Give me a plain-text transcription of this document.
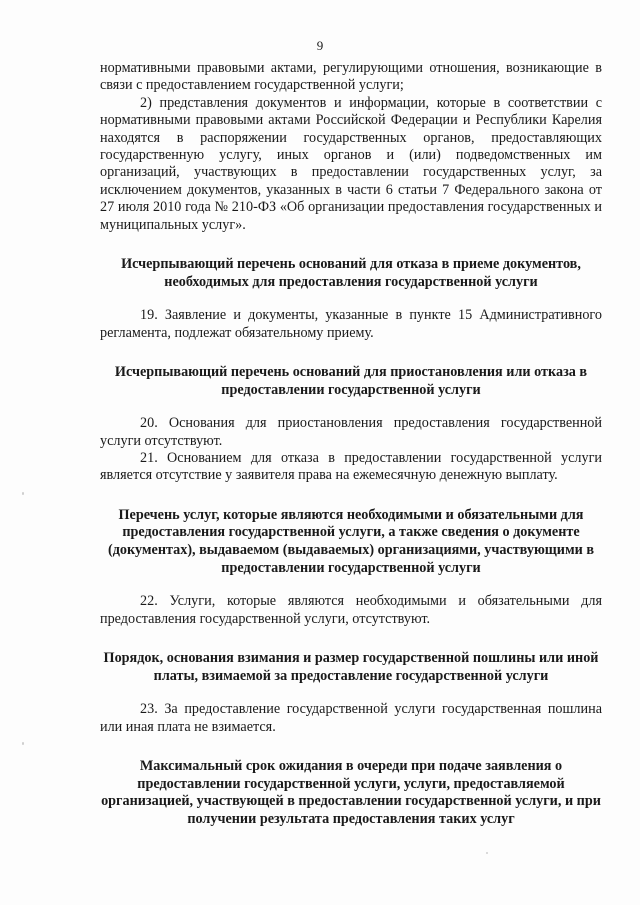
9

нормативными правовыми актами, регулирующими отношения, возникающие в связи с предоставлением государственной услуги;

2) представления документов и информации, которые в соответствии с нормативными правовыми актами Российской Федерации и Республики Карелия находятся в распоряжении государственных органов, предоставляющих государственную услугу, иных органов и (или) подведомственных им организаций, участвующих в предоставлении государственных услуг, за исключением документов, указанных в части 6 статьи 7 Федерального закона от 27 июля 2010 года № 210-ФЗ «Об организации предоставления государственных и муниципальных услуг».

Исчерпывающий перечень оснований для отказа в приеме документов, необходимых для предоставления государственной услуги

19. Заявление и документы, указанные в пункте 15 Административного регламента, подлежат обязательному приему.

Исчерпывающий перечень оснований для приостановления или отказа в предоставлении государственной услуги

20. Основания для приостановления предоставления государственной услуги отсутствуют.

21. Основанием для отказа в предоставлении государственной услуги является отсутствие у заявителя права на ежемесячную денежную выплату.

Перечень услуг, которые являются необходимыми и обязательными для предоставления государственной услуги, а также сведения о документе (документах), выдаваемом (выдаваемых) организациями, участвующими в предоставлении государственной услуги

22. Услуги, которые являются необходимыми и обязательными для предоставления государственной услуги, отсутствуют.

Порядок, основания взимания и размер государственной пошлины или иной платы, взимаемой за предоставление государственной услуги

23. За предоставление государственной услуги государственная пошлина или иная плата не взимается.

Максимальный срок ожидания в очереди при подаче заявления о предоставлении государственной услуги, услуги, предоставляемой организацией, участвующей в предоставлении государственной услуги, и при получении результата предоставления таких услуг
